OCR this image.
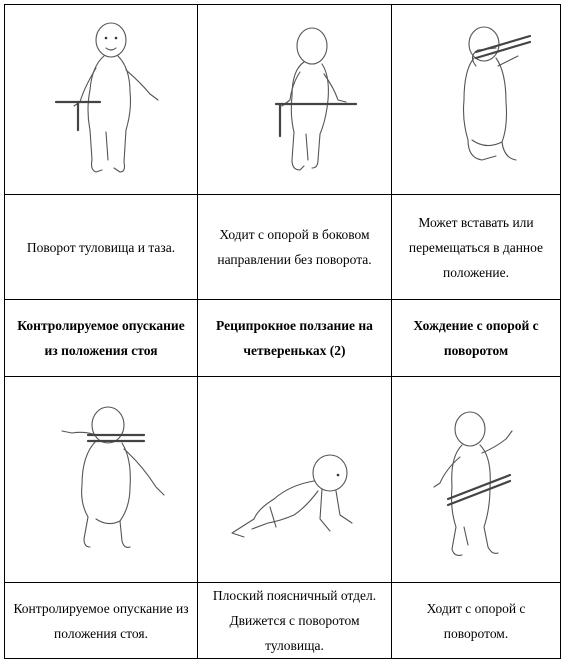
Поворот туловища и таза.	Ходит с опорой в боковом направлении без поворота.	Может вставать или перемещаться в данное положение.

Контролируемое опускание из положения стоя	Реципрокное ползание на четвереньках (2)	Хождение с опорой с поворотом

Контролируемое опускание из положения стоя.	Плоский поясничный отдел. Движется с поворотом туловища.	Ходит с опорой с поворотом.
